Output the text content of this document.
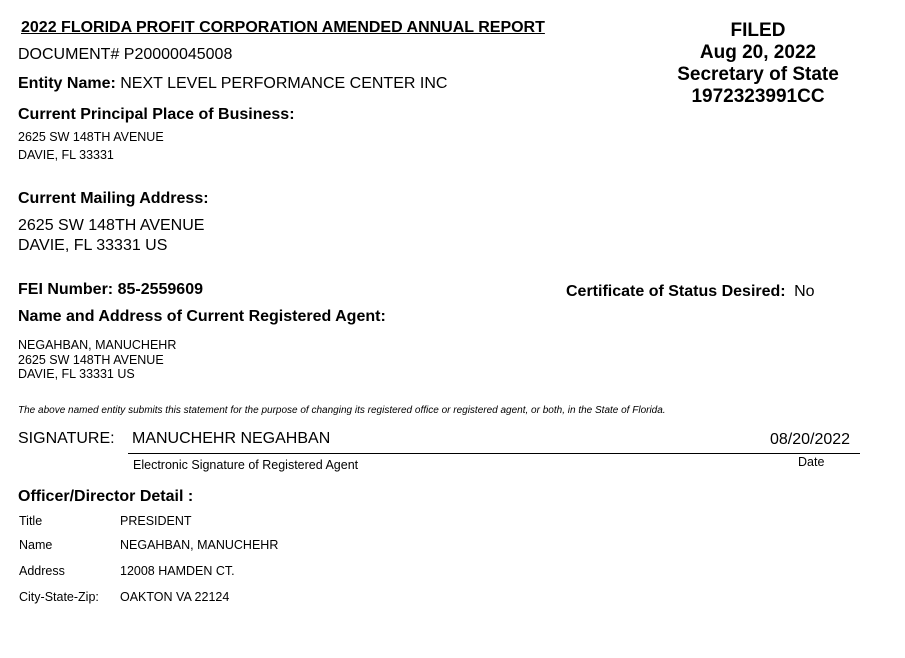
2022 FLORIDA PROFIT CORPORATION AMENDED ANNUAL REPORT
DOCUMENT# P20000045008
Entity Name: NEXT LEVEL PERFORMANCE CENTER INC
FILED
Aug 20, 2022
Secretary of State
1972323991CC
Current Principal Place of Business:
2625 SW 148TH AVENUE
DAVIE, FL 33331
Current Mailing Address:
2625 SW 148TH AVENUE
DAVIE, FL 33331 US
FEI Number: 85-2559609	Certificate of Status Desired: No
Name and Address of Current Registered Agent:
NEGAHBAN, MANUCHEHR
2625 SW 148TH AVENUE
DAVIE, FL 33331 US
The above named entity submits this statement for the purpose of changing its registered office or registered agent, or both, in the State of Florida.
SIGNATURE: MANUCHEHR NEGAHBAN	08/20/2022
Electronic Signature of Registered Agent	Date
Officer/Director Detail :
Title	PRESIDENT
Name	NEGAHBAN, MANUCHEHR
Address	12008 HAMDEN CT.
City-State-Zip: OAKTON VA 22124
